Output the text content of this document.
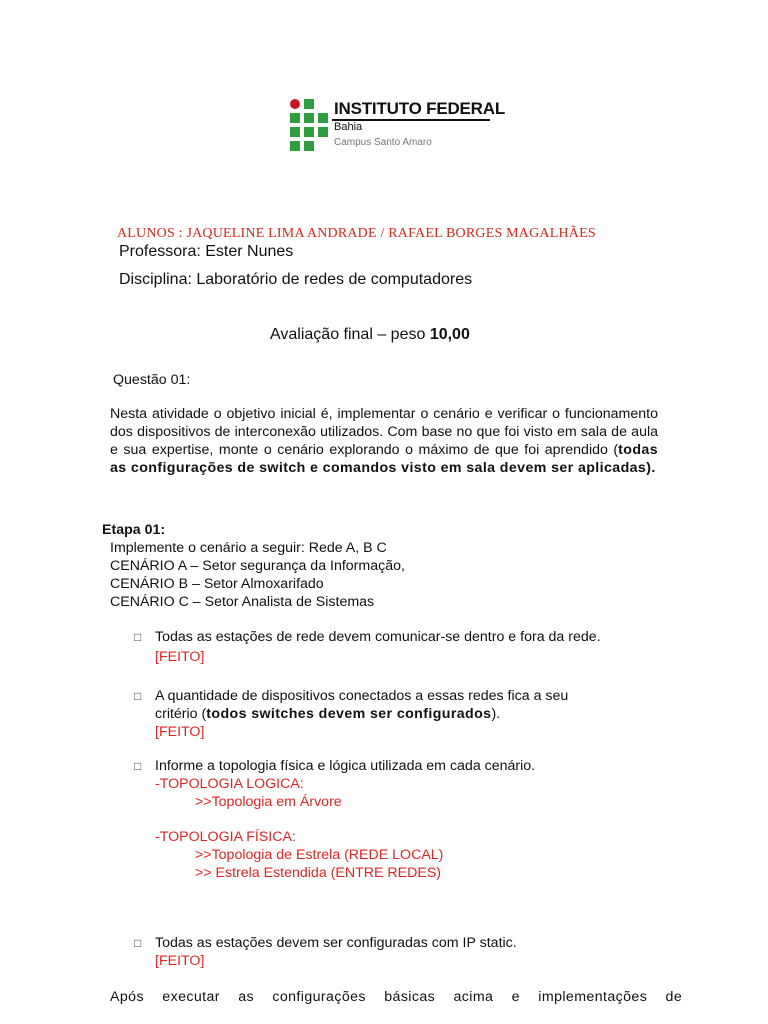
INSTITUTO FEDERAL
Bahia
Campus Santo Amaro
ALUNOS : JAQUELINE LIMA ANDRADE / RAFAEL BORGES MAGALHÃES
Professora: Ester Nunes
Disciplina: Laboratório de redes de computadores
Avaliação final – peso 10,00
Questão 01:
Nesta atividade o objetivo inicial é, implementar o cenário e verificar o funcionamento dos dispositivos de interconexão utilizados. Com base no que foi visto em sala de aula e sua expertise, monte o cenário explorando o máximo de que foi aprendido (todas as configurações de switch e comandos visto em sala devem ser aplicadas).
Etapa 01:
Implemente o cenário a seguir: Rede A, B C
CENÁRIO A – Setor segurança da Informação,
CENÁRIO B – Setor Almoxarifado
CENÁRIO C – Setor Analista de Sistemas
□ Todas as estações de rede devem comunicar-se dentro e fora da rede.
[FEITO]
□ A quantidade de dispositivos conectados a essas redes fica a seu
critério (todos switches devem ser configurados).
[FEITO]
□ Informe a topologia física e lógica utilizada em cada cenário.
-TOPOLOGIA LOGICA:
>>Topologia em Árvore
-TOPOLOGIA FÍSICA:
>>Topologia de Estrela (REDE LOCAL)
>> Estrela Estendida (ENTRE REDES)
□ Todas as estações devem ser configuradas com IP static.
[FEITO]
Após executar as configurações básicas acima e implementações de
